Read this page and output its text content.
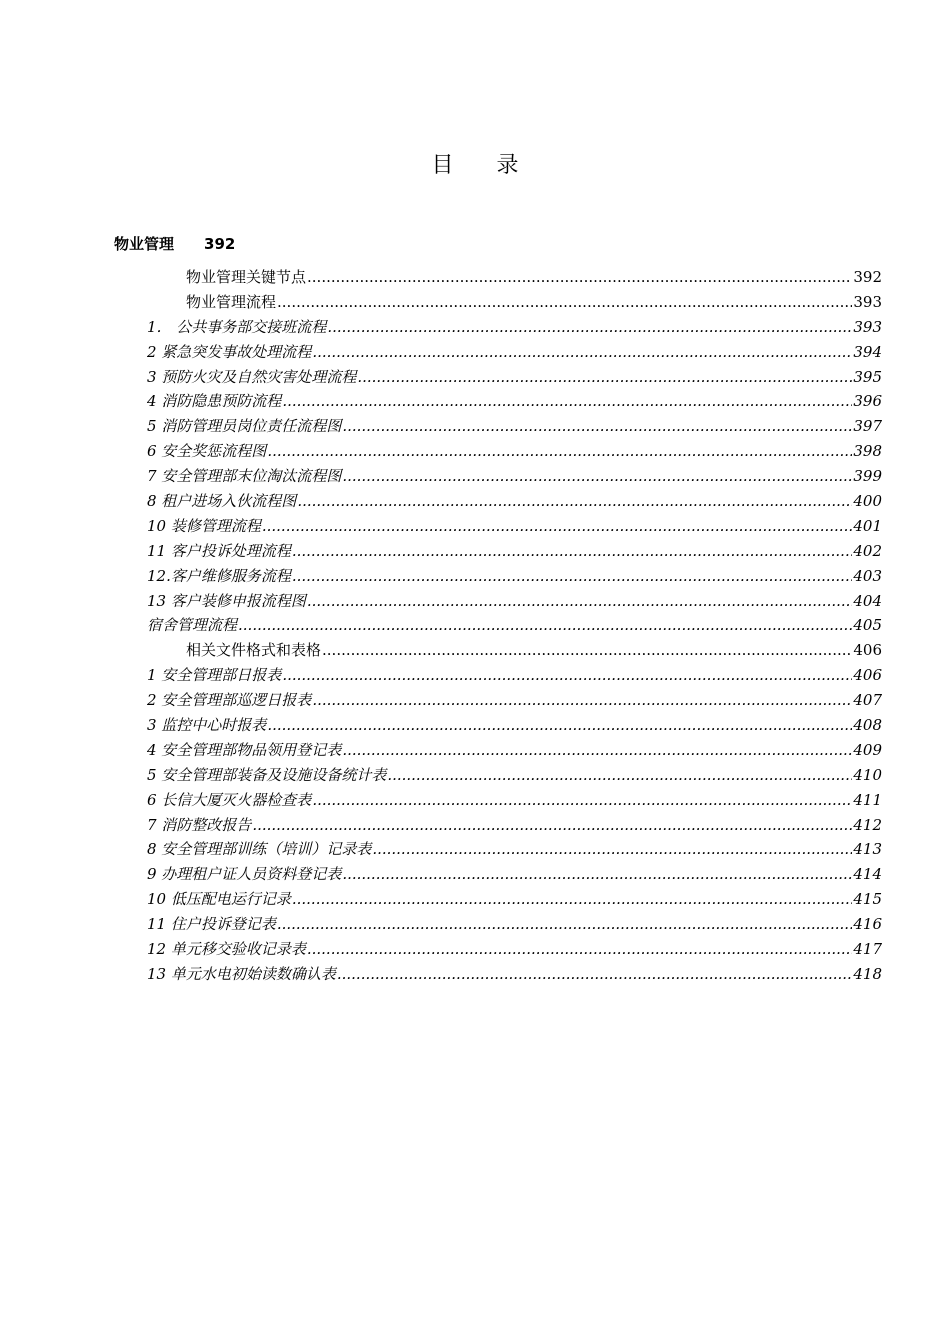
目 录
物业管理 392
物业管理关键节点 .....	392
物业管理流程 .....	393
1． 公共事务部交接班流程 .....	393
2 紧急突发事故处理流程 .....	394
3 预防火灾及自然灾害处理流程 .....	395
4 消防隐患预防流程 .....	396
5 消防管理员岗位责任流程图 .....	397
6 安全奖惩流程图 .....	398
7 安全管理部末位淘汰流程图 .....	399
8 租户进场入伙流程图 .....	400
10 装修管理流程 .....	401
11 客户投诉处理流程 .....	402
12.客户维修服务流程 .....	403
13 客户装修申报流程图 .....	404
宿舍管理流程 .....	405
相关文件格式和表格 .....	406
1 安全管理部日报表 .....	406
2 安全管理部巡逻日报表 .....	407
3 监控中心时报表 .....	408
4 安全管理部物品领用登记表 .....	409
5 安全管理部装备及设施设备统计表 .....	410
6 长信大厦灭火器检查表 .....	411
7 消防整改报告 .....	412
8 安全管理部训练（培训）记录表 .....	413
9 办理租户证人员资料登记表 .....	414
10 低压配电运行记录 .....	415
11 住户投诉登记表 .....	416
12 单元移交验收记录表 .....	417
13 单元水电初始读数确认表 .....	418
